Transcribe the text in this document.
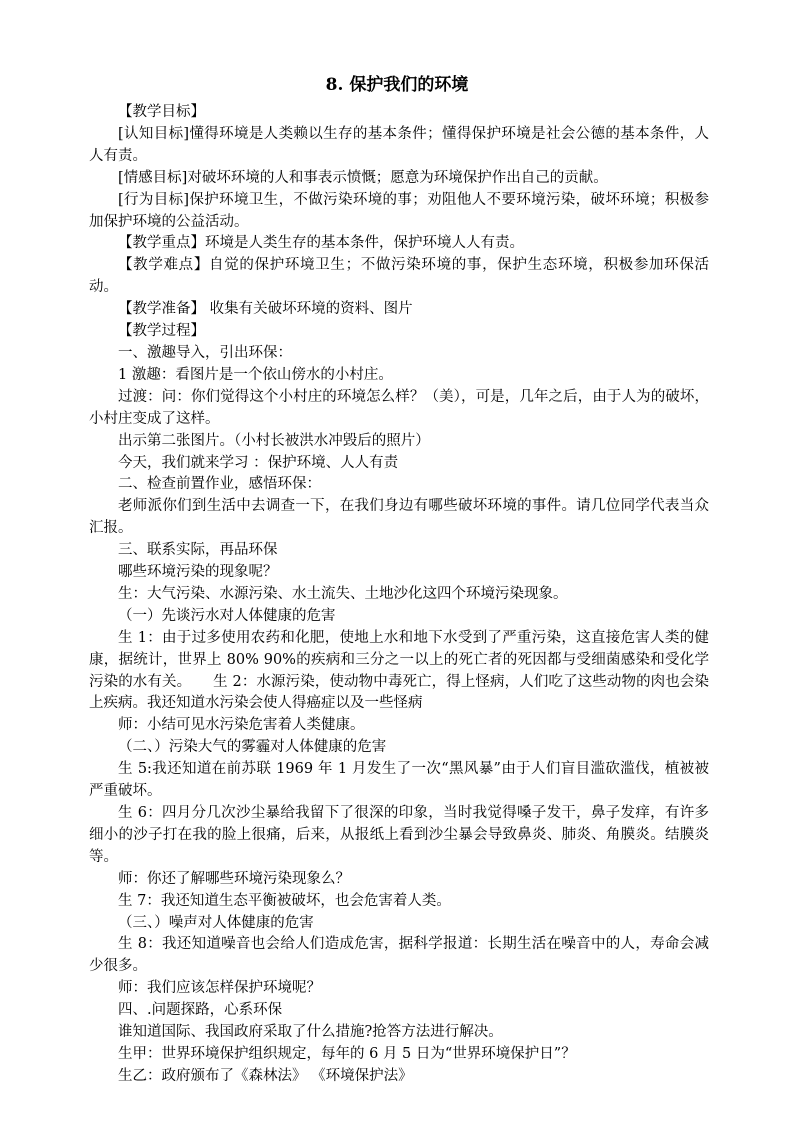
8. 保护我们的环境

【教学目标】

[认知目标]懂得环境是人类赖以生存的基本条件；懂得保护环境是社会公德的基本条件，人人有责。

[情感目标]对破坏环境的人和事表示愤慨；愿意为环境保护作出自己的贡献。

[行为目标]保护环境卫生，不做污染环境的事；劝阻他人不要环境污染，破坏环境；积极参加保护环境的公益活动。

【教学重点】环境是人类生存的基本条件，保护环境人人有责。

【教学难点】自觉的保护环境卫生；不做污染环境的事，保护生态环境，积极参加环保活动。

【教学准备】 收集有关破坏环境的资料、图片

【教学过程】

一、激趣导入，引出环保：

1 激趣：看图片是一个依山傍水的小村庄。

过渡：问：你们觉得这个小村庄的环境怎么样？（美），可是，几年之后，由于人为的破坏，小村庄变成了这样。

出示第二张图片。（小村长被洪水冲毁后的照片）

今天，我们就来学习 ：保护环境、人人有责

二、检查前置作业，感悟环保：

老师派你们到生活中去调查一下，在我们身边有哪些破坏环境的事件。请几位同学代表当众汇报。

三、联系实际，再品环保

哪些环境污染的现象呢？

生：大气污染、水源污染、水土流失、土地沙化这四个环境污染现象。

（一）先谈污水对人体健康的危害

生 1：由于过多使用农药和化肥，使地上水和地下水受到了严重污染，这直接危害人类的健康，据统计，世界上 80% 90%的疾病和三分之一以上的死亡者的死因都与受细菌感染和受化学污染的水有关。　　生 2：水源污染，使动物中毒死亡，得上怪病，人们吃了这些动物的肉也会染上疾病。我还知道水污染会使人得癌症以及一些怪病

师：小结可见水污染危害着人类健康。

（二、）污染大气的雾霾对人体健康的危害

生 5:我还知道在前苏联 1969 年 1 月发生了一次“黑风暴”由于人们盲目滥砍滥伐，植被被严重破坏。

生 6：四月分几次沙尘暴给我留下了很深的印象，当时我觉得嗓子发干，鼻子发痒，有许多细小的沙子打在我的脸上很痛，后来，从报纸上看到沙尘暴会导致鼻炎、肺炎、角膜炎。结膜炎等。

师：你还了解哪些环境污染现象么？

生 7：我还知道生态平衡被破坏，也会危害着人类。

（三、）噪声对人体健康的危害

生 8：我还知道噪音也会给人们造成危害，据科学报道：长期生活在噪音中的人，寿命会减少很多。

师：我们应该怎样保护环境呢？

四、.问题探路，心系环保

谁知道国际、我国政府采取了什么措施?抢答方法进行解决。

生甲：世界环境保护组织规定，每年的 6 月 5 日为“世界环境保护日”？

生乙：政府颁布了《森林法》 《环境保护法》
